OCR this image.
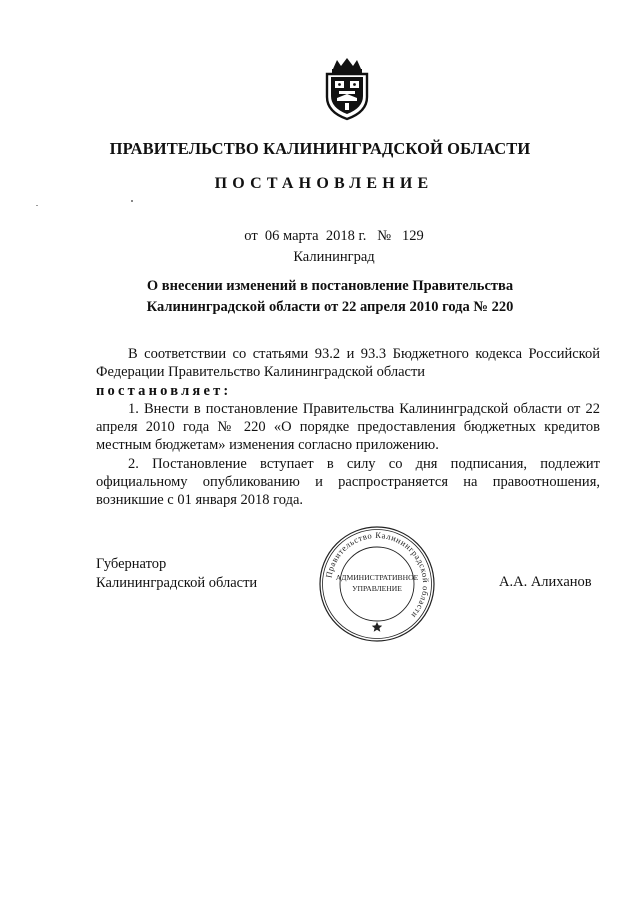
ПРАВИТЕЛЬСТВО КАЛИНИНГРАДСКОЙ ОБЛАСТИ
ПОСТАНОВЛЕНИЕ
от 06 марта 2018 г. № 129
Калининград
О внесении изменений в постановление Правительства
Калининградской области от 22 апреля 2010 года № 220

В соответствии со статьями 93.2 и 93.3 Бюджетного кодекса Российской Федерации Правительство Калининградской области

постановляет:

1. Внести в постановление Правительства Калининградской области от 22 апреля 2010 года № 220 «О порядке предоставления бюджетных кредитов местным бюджетам» изменения согласно приложению.

2. Постановление вступает в силу со дня подписания, подлежит официальному опубликованию и распространяется на правоотношения, возникшие с 01 января 2018 года.

Губернатор
Калининградской области
Правительство Калининградской области
АДМИНИСТРАТИВНОЕ
УПРАВЛЕНИЕ	А.А. Алиханов
